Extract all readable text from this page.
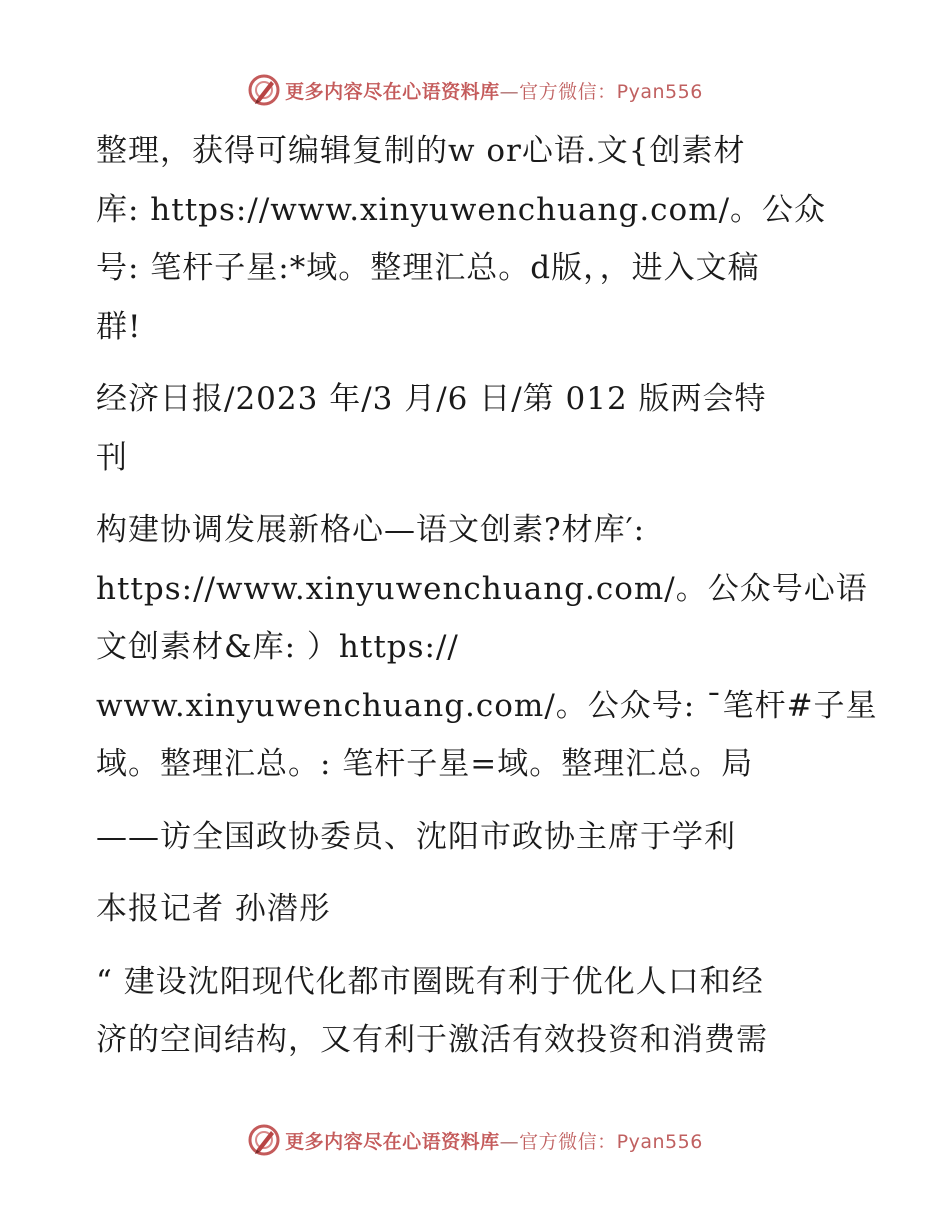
更多内容尽在心语资料库—官方微信：Pyan556
整理，获得可编辑复制的w or心语.文{创素材
库: https://www.xinyuwenchuang.com/。公众
号: 笔杆子星:*域。整理汇总。d版，，进入文稿
群!
经济日报/2023 年/3 月/6 日/第 012 版两会特
刊
构建协调发展新格心—语文创素?材库′:
https://www.xinyuwenchuang.com/。公众号心语
文创素材&库: ）https://
www.xinyuwenchuang.com/。公众号: ¯笔杆#子星
域。整理汇总。: 笔杆子星=域。整理汇总。局
——访全国政协委员、沈阳市政协主席于学利
本报记者 孙潜彤
“ 建设沈阳现代化都市圈既有利于优化人口和经
济的空间结构，又有利于激活有效投资和消费需
更多内容尽在心语资料库—官方微信：Pyan556
